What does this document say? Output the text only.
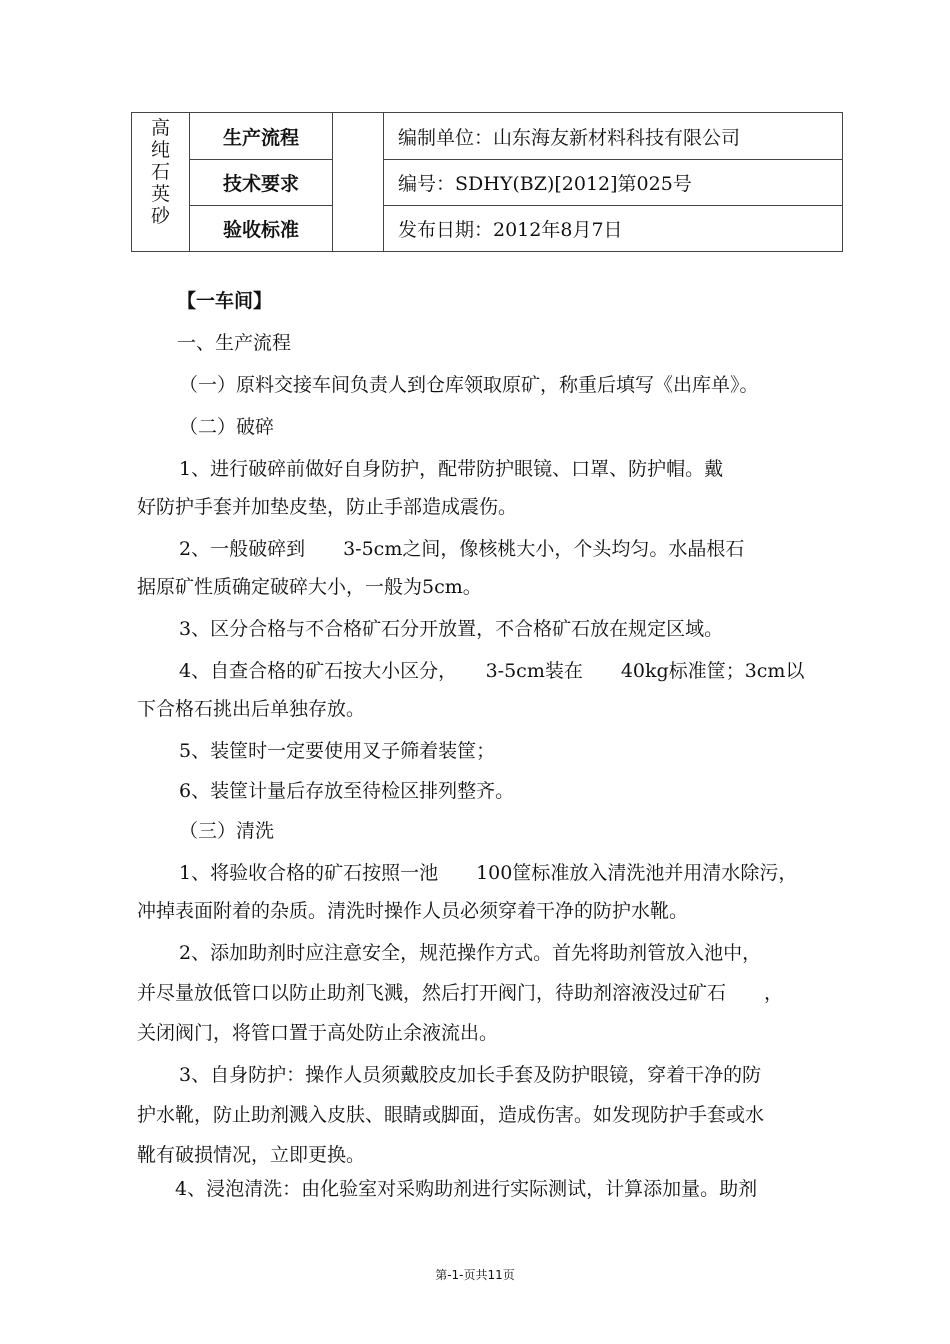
高
纯
石
英
砂	生产流程		编制单位：山东海友新材料科技有限公司
	技术要求		编号：SDHY(BZ)[2012]第025号
	验收标准		发布日期：2012年8月7日
【一车间】
一、生产流程
（一）原料交接车间负责人到仓库领取原矿，称重后填写《出库单》。
（二）破碎
1、进行破碎前做好自身防护，配带防护眼镜、口罩、防护帽。戴
好防护手套并加垫皮垫，防止手部造成震伤。
2、一般破碎到　　3-5cm之间，像核桃大小，个头均匀。水晶根石
据原矿性质确定破碎大小，一般为5cm。
3、区分合格与不合格矿石分开放置，不合格矿石放在规定区域。
4、自查合格的矿石按大小区分，　　3-5cm装在　　40kg标准筐；3cm以
下合格石挑出后单独存放。
5、装筐时一定要使用叉子筛着装筐；
6、装筐计量后存放至待检区排列整齐。
（三）清洗
1、将验收合格的矿石按照一池　　100筐标准放入清洗池并用清水除污，
冲掉表面附着的杂质。清洗时操作人员必须穿着干净的防护水靴。
2、添加助剂时应注意安全，规范操作方式。首先将助剂管放入池中，
并尽量放低管口以防止助剂飞溅，然后打开阀门，待助剂溶液没过矿石　　，
关闭阀门，将管口置于高处防止余液流出。
3、自身防护：操作人员须戴胶皮加长手套及防护眼镜，穿着干净的防
护水靴，防止助剂溅入皮肤、眼睛或脚面，造成伤害。如发现防护手套或水
靴有破损情况，立即更换。
4、浸泡清洗：由化验室对采购助剂进行实际测试，计算添加量。助剂
第-1-页共11页
